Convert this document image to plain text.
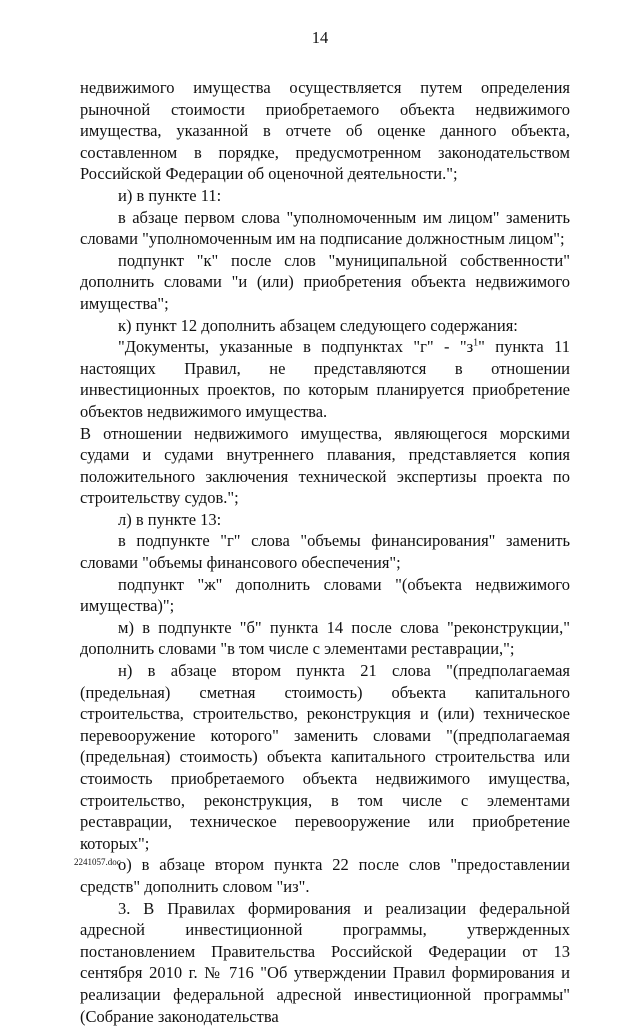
14

недвижимого имущества осуществляется путем определения рыночной стоимости приобретаемого объекта недвижимого имущества, указанной в отчете об оценке данного объекта, составленном в порядке, предусмотренном законодательством Российской Федерации об оценочной деятельности.";

и) в пункте 11:

в абзаце первом слова "уполномоченным им лицом" заменить словами "уполномоченным им на подписание должностным лицом";

подпункт "к" после слов "муниципальной собственности" дополнить словами "и (или) приобретения объекта недвижимого имущества";

к) пункт 12 дополнить абзацем следующего содержания:

"Документы, указанные в подпунктах "г" - "$з^1$" пункта 11 настоящих Правил, не представляются в отношении инвестиционных проектов, по которым планируется приобретение объектов недвижимого имущества.

В отношении недвижимого имущества, являющегося морскими судами и судами внутреннего плавания, представляется копия положительного заключения технической экспертизы проекта по строительству судов.";

л) в пункте 13:

в подпункте "г" слова "объемы финансирования" заменить словами "объемы финансового обеспечения";

подпункт "ж" дополнить словами "(объекта недвижимого имущества)";

м) в подпункте "б" пункта 14 после слова "реконструкции," дополнить словами "в том числе с элементами реставрации,";

н) в абзаце втором пункта 21 слова "(предполагаемая (предельная) сметная стоимость) объекта капитального строительства, строительство, реконструкция и (или) техническое перевооружение которого" заменить словами "(предполагаемая (предельная) стоимость) объекта капитального строительства или стоимость приобретаемого объекта недвижимого имущества, строительство, реконструкция, в том числе с элементами реставрации, техническое перевооружение или приобретение которых";

о) в абзаце втором пункта 22 после слов "предоставлении средств" дополнить словом "из".

3. В Правилах формирования и реализации федеральной адресной инвестиционной программы, утвержденных постановлением Правительства Российской Федерации от 13 сентября 2010 г. № 716 "Об утверждении Правил формирования и реализации федеральной адресной инвестиционной программы" (Собрание законодательства

2241057.doc
